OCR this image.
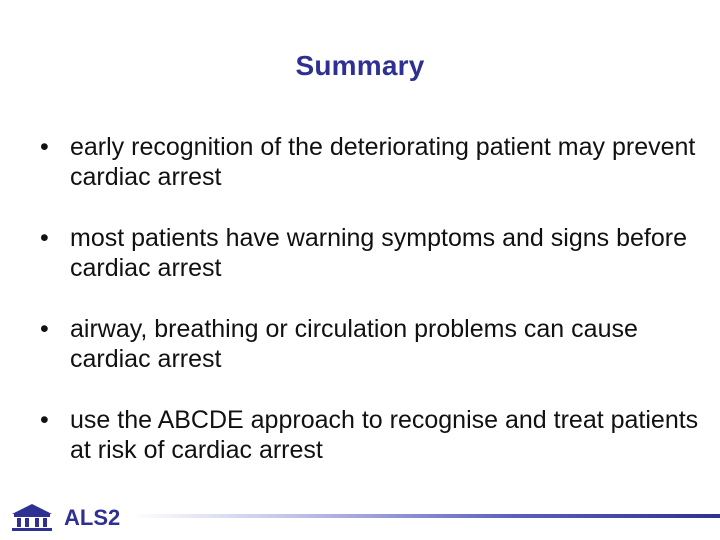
Summary
• early recognition of the deteriorating patient may prevent cardiac arrest
• most patients have warning symptoms and signs before cardiac arrest
• airway, breathing or circulation problems can cause cardiac arrest
• use the ABCDE approach to recognise and treat patients at risk of cardiac arrest
ALS2
